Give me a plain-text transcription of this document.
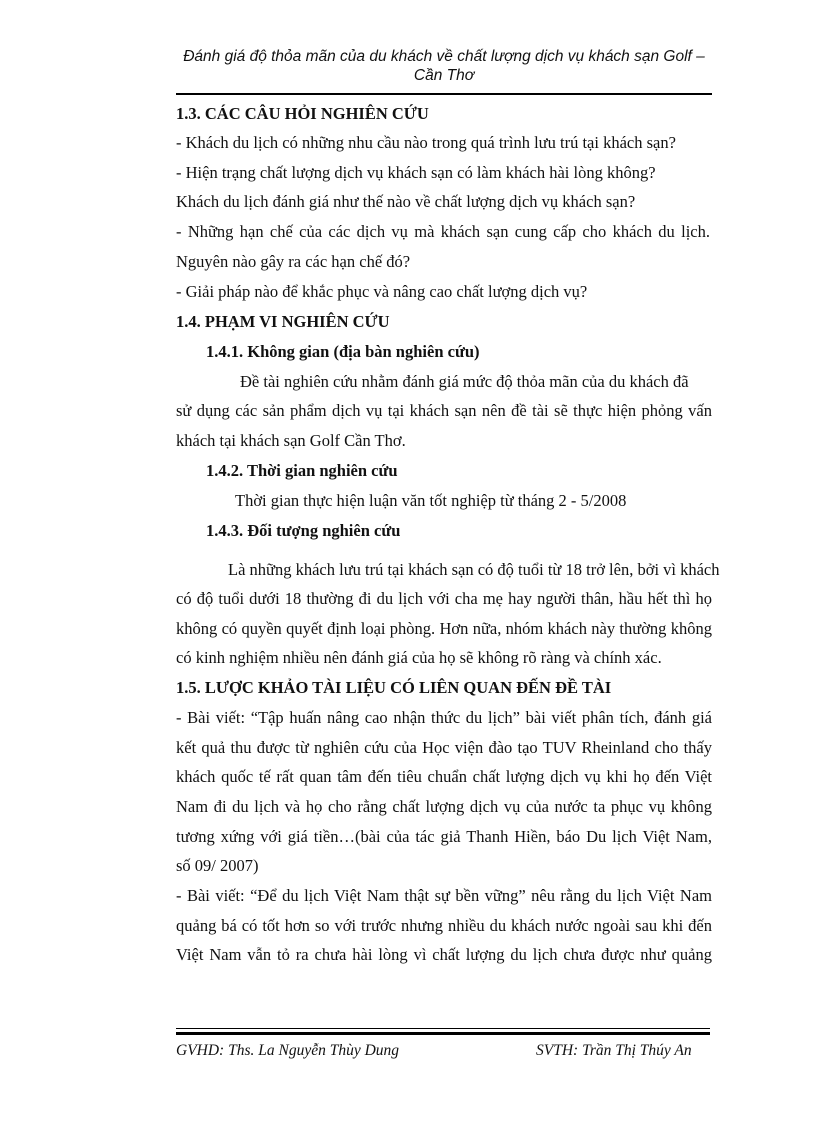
Đánh giá độ thỏa mãn của du khách về chất lượng dịch vụ khách sạn Golf –
Cần Thơ
1.3. CÁC CÂU HỎI NGHIÊN CỨU
- Khách du lịch có những nhu cầu nào trong quá trình lưu trú tại khách sạn?
- Hiện trạng chất lượng dịch vụ khách sạn có làm khách hài lòng không?
Khách du lịch đánh giá như thế nào về chất lượng dịch vụ khách sạn?
- Những hạn chế của các dịch vụ mà khách sạn cung cấp cho khách du lịch.
Nguyên nào gây ra các hạn chế đó?
- Giải pháp nào để khắc phục và nâng cao chất lượng dịch vụ?
1.4. PHẠM VI NGHIÊN CỨU
1.4.1. Không gian (địa bàn nghiên cứu)
Đề tài nghiên cứu nhằm đánh giá mức độ thỏa mãn của du khách đã
sử dụng các sản phẩm dịch vụ tại khách sạn nên đề tài sẽ thực hiện phỏng vấn
khách tại khách sạn Golf Cần Thơ.
1.4.2. Thời gian nghiên cứu
Thời gian thực hiện luận văn tốt nghiệp từ tháng 2 - 5/2008
1.4.3. Đối tượng nghiên cứu
Là những khách lưu trú tại khách sạn có độ tuổi từ 18 trở lên, bởi vì khách
có độ tuổi dưới 18 thường đi du lịch với cha mẹ hay người thân, hầu hết thì họ
không có quyền quyết định loại phòng. Hơn nữa, nhóm khách này thường không
có kinh nghiệm nhiều nên đánh giá của họ sẽ không rõ ràng và chính xác.
1.5. LƯỢC KHẢO TÀI LIỆU CÓ LIÊN QUAN ĐẾN ĐỀ TÀI
- Bài viết: “Tập huấn nâng cao nhận thức du lịch” bài viết phân tích, đánh giá
kết quả thu được từ nghiên cứu của Học viện đào tạo TUV Rheinland cho thấy
khách quốc tế rất quan tâm đến tiêu chuẩn chất lượng dịch vụ khi họ đến Việt
Nam đi du lịch và họ cho rằng chất lượng dịch vụ của nước ta phục vụ không
tương xứng với giá tiền…(bài của tác giả Thanh Hiền, báo Du lịch Việt Nam,
số 09/ 2007)
- Bài viết: “Để du lịch Việt Nam thật sự bền vững” nêu rằng du lịch Việt Nam
quảng bá có tốt hơn so với trước nhưng nhiều du khách nước ngoài sau khi đến
Việt Nam vẫn tỏ ra chưa hài lòng vì chất lượng du lịch chưa được như quảng
GVHD: Ths. La Nguyễn Thùy Dung	SVTH: Trần Thị Thúy An
